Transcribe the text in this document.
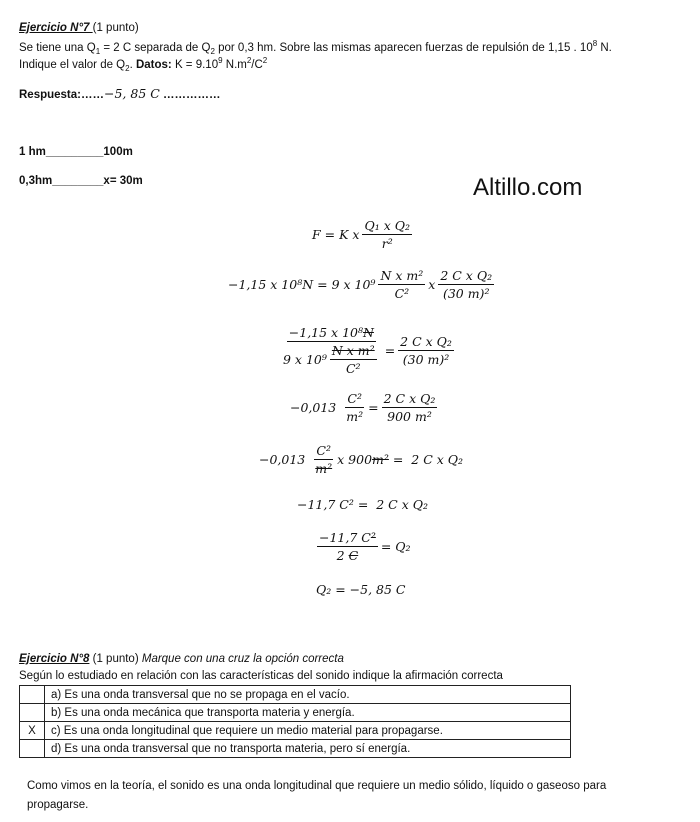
Ejercicio N°7 (1 punto)
Se tiene una $Q_1 = 2$ C separada de $Q_2$ por 0,3 hm. Sobre las mismas aparecen fuerzas de repulsión de 1,15 . $10^8$ N.
Indique el valor de $Q_2$. Datos: $K = 9.10^9$ $N.m^2/C^2$
Respuesta:……−5, 85 C ……………
1 hm_________100m
0,3hm________x= 30m	Altillo.com
F = K x $\frac{\text{Q₁ x Q₂}}{\text{r²}}$
−1,15 x 10⁸N = 9 x $10^9 \frac{\text{N x m²}}{\text{C²}}$ x $\frac{\text{2 C x Q₂}}{\text{(30 m)²}}$
$\frac{\text{−1,15 x 10⁸N}}{9 x 10^9 \frac{\text{N x m²}}{\text{C²}}} = \frac{\text{2 C x Q₂}}{\text{(30 m)²}}$
$-0,013 \frac{\text{C²}}{\text{m²}} = \frac{\text{2 C x Q₂}}{\text{900 m²}}$
$-0,013 \frac{\text{C²}}{\text{m²}}$ x 900 m² =  2 C x Q₂
−11,7 C² =  2 C x Q₂
$\frac{\text{−11,7 C²}}{2 C} = Q_2$
Q₂ = −5, 85 C
Ejercicio N°8 (1 punto) Marque con una cruz la opción correcta
Según lo estudiado en relación con las características del sonido indique la afirmación correcta
	a) Es una onda transversal que no se propaga en el vacío.
	b) Es una onda mecánica que transporta materia y energía.
X	c) Es una onda longitudinal que requiere un medio material para propagarse.
	d) Es una onda transversal que no transporta materia, pero sí energía.
Como vimos en la teoría, el sonido es una onda longitudinal que requiere un medio sólido, líquido o gaseoso para
propagarse.
